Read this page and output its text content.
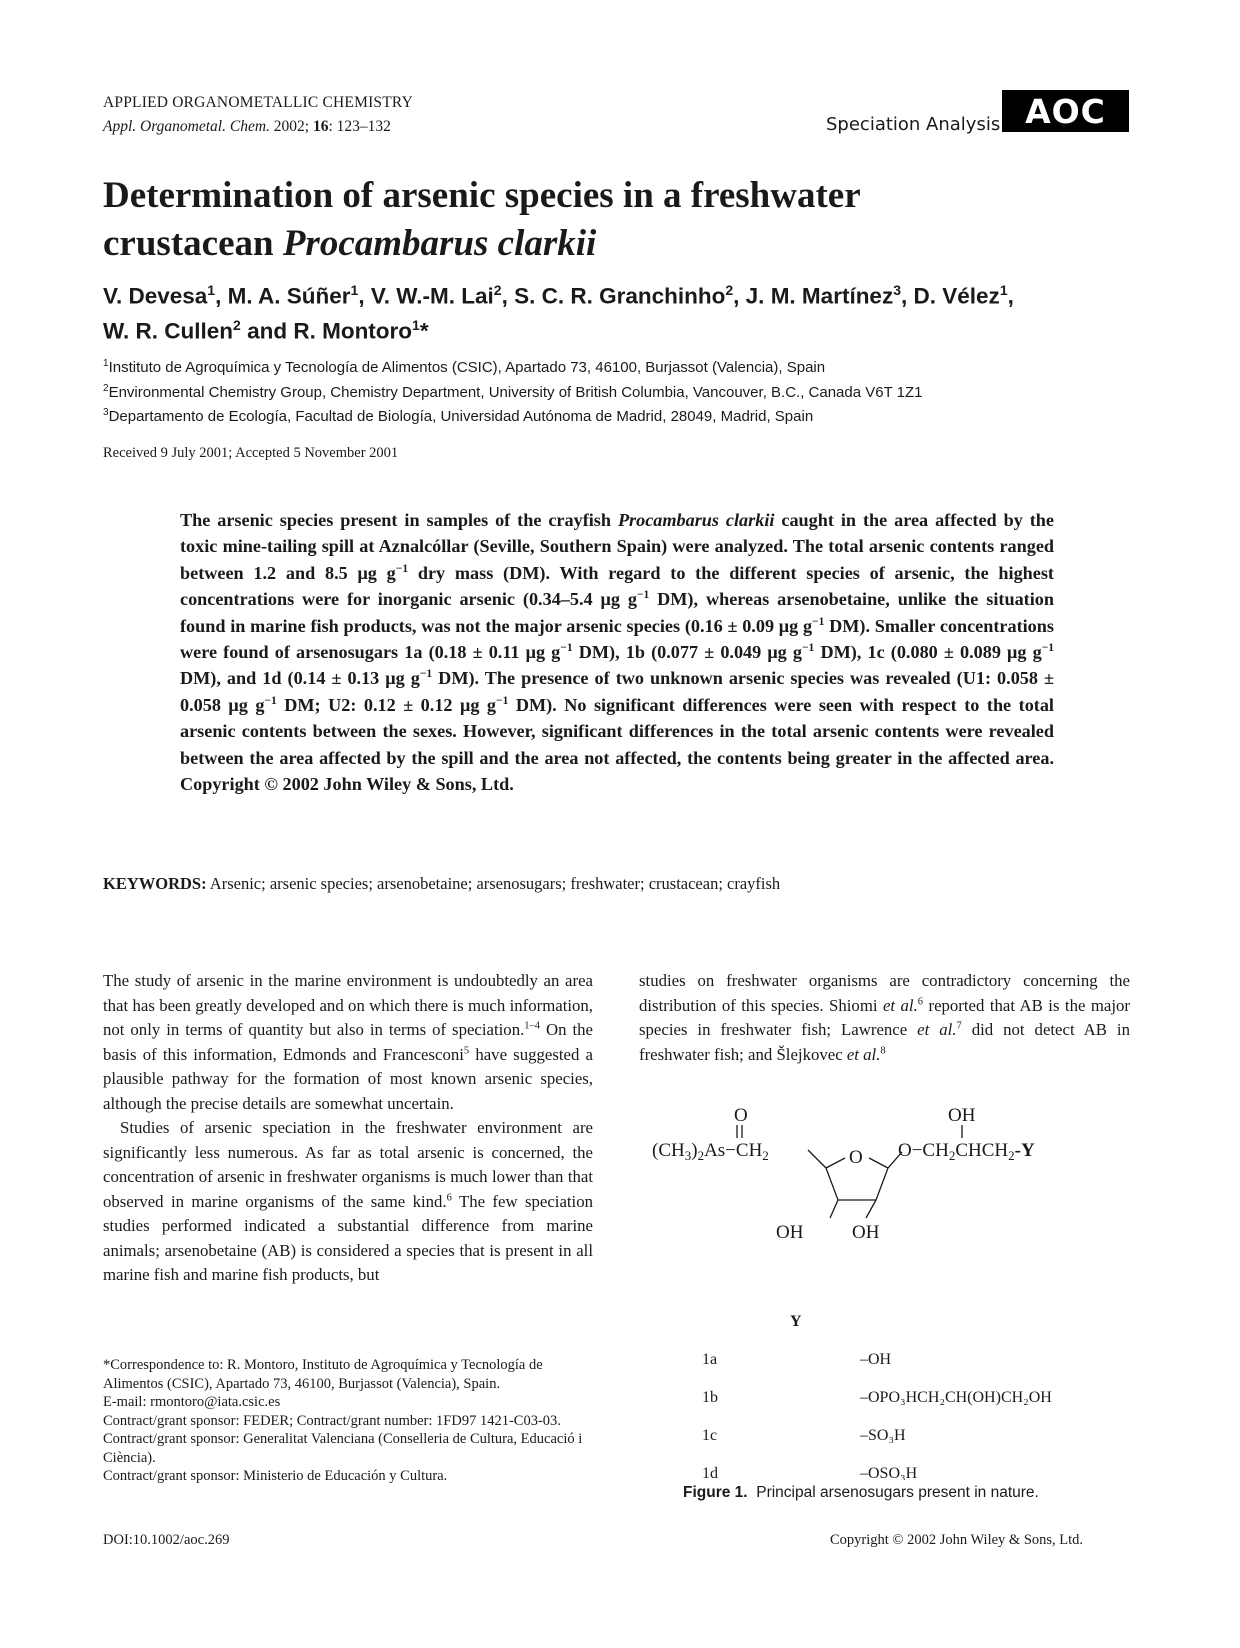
APPLIED ORGANOMETALLIC CHEMISTRY
Appl. Organometal. Chem. 2002; 16: 123–132	Speciation Analysis AOC
Determination of arsenic species in a freshwater
crustacean Procambarus clarkii
V. Devesa$^1$, M. A. Súñer$^1$, V. W.-M. Lai$^2$, S. C. R. Granchinho$^2$, J. M. Martínez$^3$, D. Vélez$^1$,
W. R. Cullen$^2$ and R. Montoro$^1$*
$^1$Instituto de Agroquímica y Tecnología de Alimentos (CSIC), Apartado 73, 46100, Burjassot (Valencia), Spain
$^2$Environmental Chemistry Group, Chemistry Department, University of British Columbia, Vancouver, B.C., Canada V6T 1Z1
$^3$Departamento de Ecología, Facultad de Biología, Universidad Autónoma de Madrid, 28049, Madrid, Spain
Received 9 July 2001; Accepted 5 November 2001

The arsenic species present in samples of the crayfish Procambarus clarkii caught in the area affected by the toxic mine-tailing spill at Aznalcóllar (Seville, Southern Spain) were analyzed. The total arsenic contents ranged between 1.2 and 8.5 μg $g^{-1}$ dry mass (DM). With regard to the different species of arsenic, the highest concentrations were for inorganic arsenic (0.34–5.4 μg $g^{-1}$ DM), whereas arsenobetaine, unlike the situation found in marine fish products, was not the major arsenic species (0.16 ± 0.09 μg $g^{-1}$ DM). Smaller concentrations were found of arsenosugars 1a (0.18 ± 0.11 μg $g^{-1}$ DM), 1b (0.077 ± 0.049 μg $g^{-1}$ DM), 1c (0.080 ± 0.089 μg $g^{-1}$ DM), and 1d (0.14 ± 0.13 μg $g^{-1}$ DM). The presence of two unknown arsenic species was revealed (U1: 0.058 ± 0.058 μg $g^{-1}$ DM; U2: 0.12 ± 0.12 μg $g^{-1}$ DM). No significant differences were seen with respect to the total arsenic contents between the sexes. However, significant differences in the total arsenic contents were revealed between the area affected by the spill and the area not affected, the contents being greater in the affected area. Copyright © 2002 John Wiley & Sons, Ltd.

KEYWORDS: Arsenic; arsenic species; arsenobetaine; arsenosugars; freshwater; crustacean; crayfish

The study of arsenic in the marine environment is undoubtedly an area that has been greatly developed and on which there is much information, not only in terms of quantity but also in terms of speciation.$^{1-4}$ On the basis of this information, Edmonds and Francesconi$^5$ have suggested a plausible pathway for the formation of most known arsenic species, although the precise details are somewhat uncertain.

Studies of arsenic speciation in the freshwater environment are significantly less numerous. As far as total arsenic is concerned, the concentration of arsenic in freshwater organisms is much lower than that observed in marine organisms of the same kind.$^6$ The few speciation studies performed indicated a substantial difference from marine animals; arsenobetaine (AB) is considered a species that is present in all marine fish and marine fish products, but

*Correspondence to: R. Montoro, Instituto de Agroquímica y Tecnología de Alimentos (CSIC), Apartado 73, 46100, Burjassot (Valencia), Spain.
E-mail: rmontoro@iata.csic.es
Contract/grant sponsor: FEDER; Contract/grant number: 1FD97 1421-C03-03.
Contract/grant sponsor: Generalitat Valenciana (Conselleria de Cultura, Educació i Ciència).
Contract/grant sponsor: Ministerio de Educación y Cultura.

studies on freshwater organisms are contradictory concerning the distribution of this species. Shiomi et al.$^6$ reported that AB is the major species in freshwater fish; Lawrence et al.$^7$ did not detect AB in freshwater fish; and Šlejkovec et al.$^8$

O	OH
$(CH_3)_2As-CH_2$	O $O-CH_2CHCH_2-Y$
OH	OH
Y
1a	–OH
1b	–OPO₃HCH₂CH(OH)CH₂OH
1c	–SO₃H
1d	–OSO₃H
Figure 1. Principal arsenosugars present in nature.
DOI:10.1002/aoc.269	Copyright © 2002 John Wiley & Sons, Ltd.
